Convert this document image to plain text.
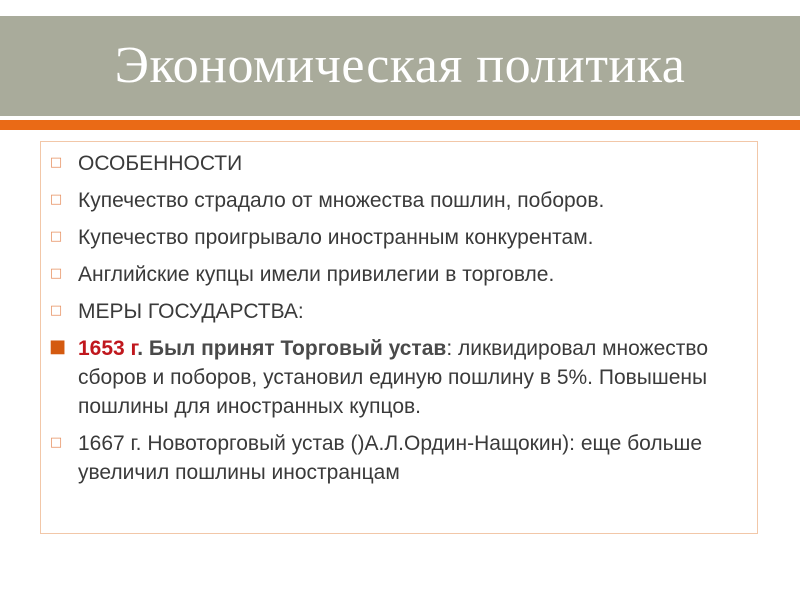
Экономическая политика
□ ОСОБЕННОСТИ
□ Купечество страдало от множества пошлин, поборов.
□ Купечество проигрывало иностранным конкурентам.
□ Английские купцы имели привилегии в торговле.
□ МЕРЫ ГОСУДАРСТВА:
■ 1653 г. Был принят Торговый устав: ликвидировал множество сборов и поборов, установил единую пошлину в 5%. Повышены пошлины для иностранных купцов.
□ 1667 г. Новоторговый устав ()А.Л.Ордин-Нащокин): еще больше увеличил пошлины иностранцам
